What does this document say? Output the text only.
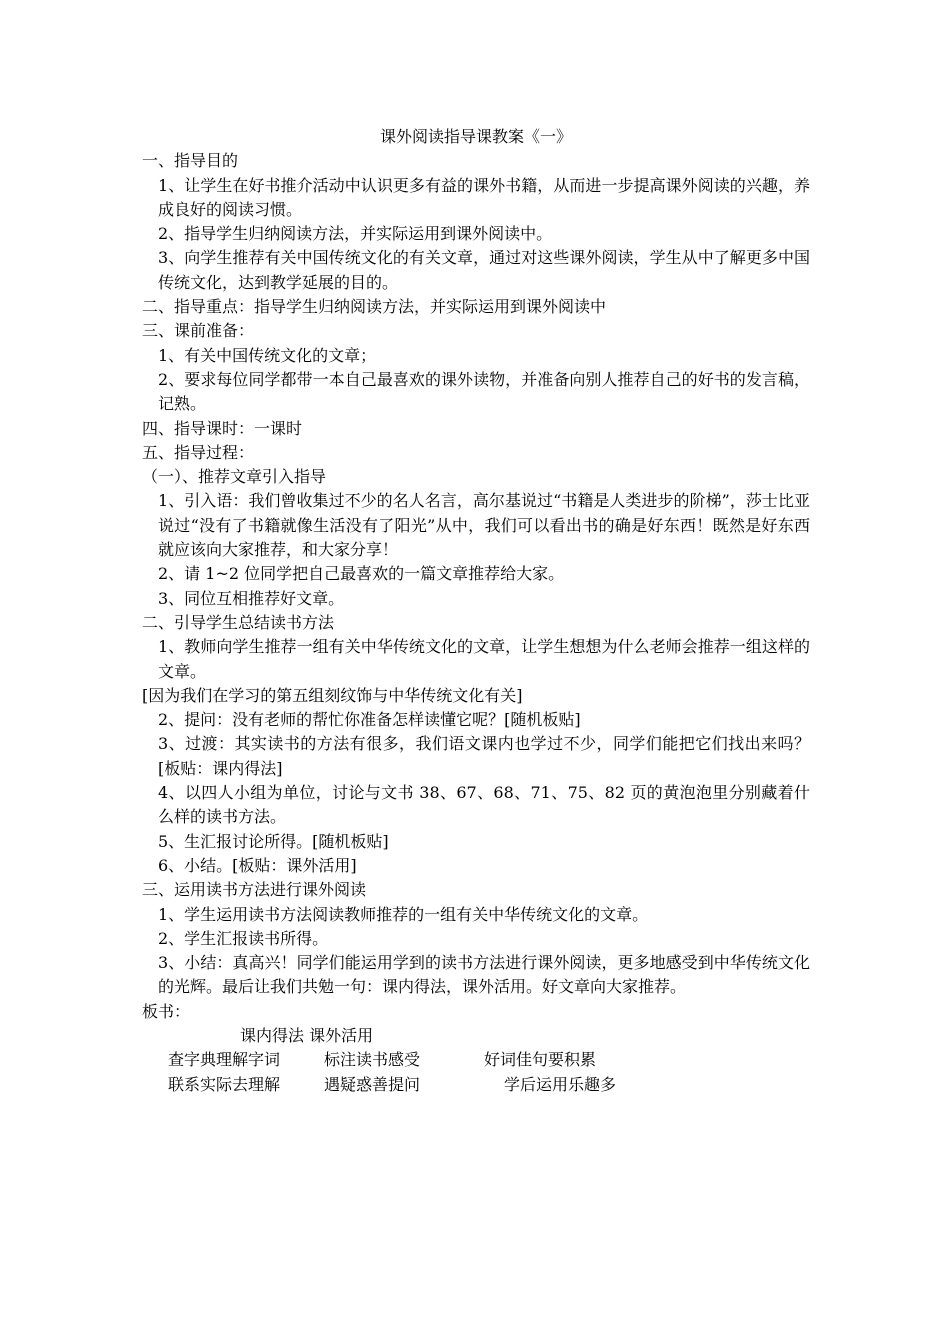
课外阅读指导课教案《一》

一、指导目的

1、让学生在好书推介活动中认识更多有益的课外书籍，从而进一步提高课外阅读的兴趣，养成良好的阅读习惯。

2、指导学生归纳阅读方法，并实际运用到课外阅读中。

3、向学生推荐有关中国传统文化的有关文章，通过对这些课外阅读，学生从中了解更多中国传统文化，达到教学延展的目的。

二、指导重点：指导学生归纳阅读方法，并实际运用到课外阅读中

三、课前准备：

1、有关中国传统文化的文章；

2、要求每位同学都带一本自己最喜欢的课外读物，并准备向别人推荐自己的好书的发言稿，记熟。

四、指导课时：一课时

五、指导过程：

（一）、推荐文章引入指导

1、引入语：我们曾收集过不少的名人名言，高尔基说过“书籍是人类进步的阶梯”，莎士比亚说过“没有了书籍就像生活没有了阳光”从中，我们可以看出书的确是好东西！既然是好东西就应该向大家推荐，和大家分享！

2、请 1~2 位同学把自己最喜欢的一篇文章推荐给大家。

3、同位互相推荐好文章。

二、引导学生总结读书方法

1、教师向学生推荐一组有关中华传统文化的文章，让学生想想为什么老师会推荐一组这样的文章。

[因为我们在学习的第五组刻纹饰与中华传统文化有关]

2、提问：没有老师的帮忙你准备怎样读懂它呢？[随机板贴]

3、过渡：其实读书的方法有很多，我们语文课内也学过不少，同学们能把它们找出来吗？[板贴：课内得法]

4、以四人小组为单位，讨论与文书 38、67、68、71、75、82 页的黄泡泡里分别藏着什么样的读书方法。

5、生汇报讨论所得。[随机板贴]

6、小结。[板贴：课外活用]

三、运用读书方法进行课外阅读

1、学生运用读书方法阅读教师推荐的一组有关中华传统文化的文章。

2、学生汇报读书所得。

3、小结：真高兴！同学们能运用学到的读书方法进行课外阅读，更多地感受到中华传统文化的光辉。最后让我们共勉一句：课内得法，课外活用。好文章向大家推荐。

板书：

课内得法 课外活用
查字典理解字词	标注读书感受	好词佳句要积累
联系实际去理解	遇疑惑善提问	学后运用乐趣多
